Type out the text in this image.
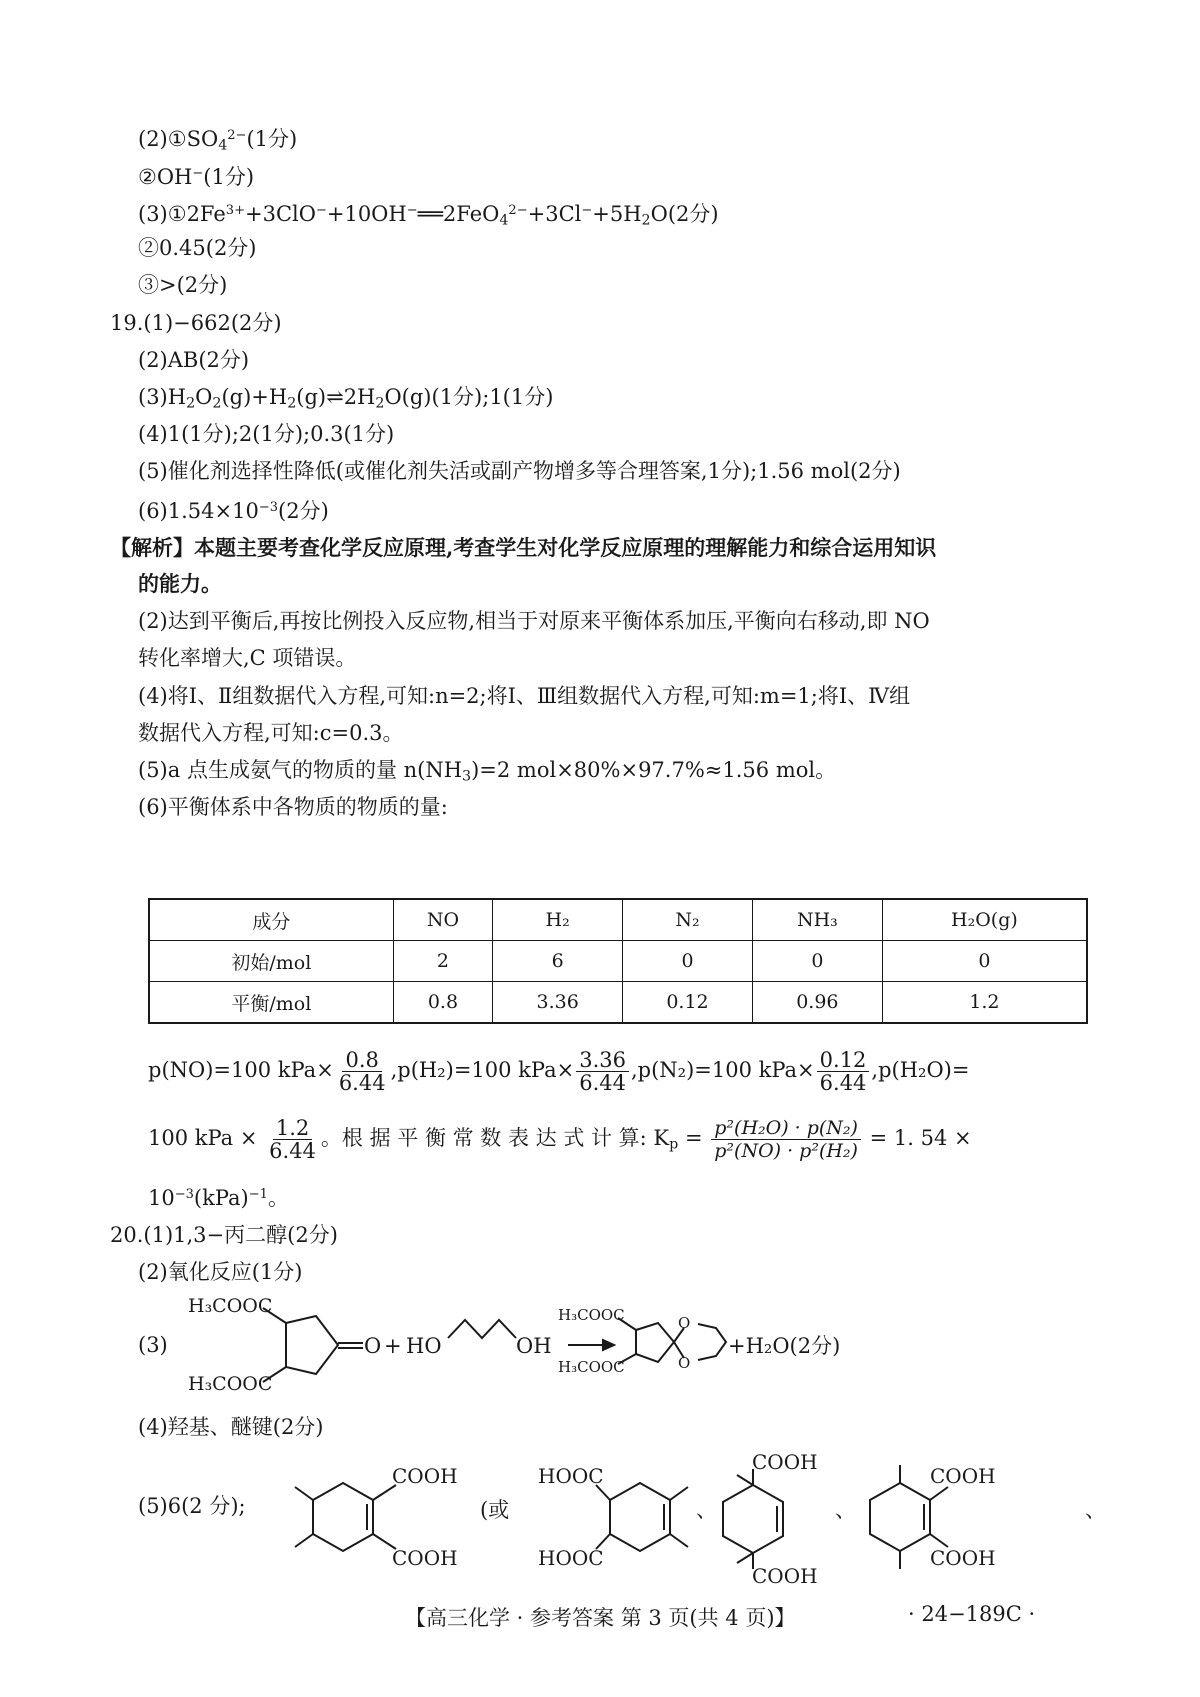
$(2)①SO_4^{2-}(1$分)
②OH−(1分)
$(3)①2Fe^{3+}+3ClO^-+10OH^-══2FeO_4^{2-}+3Cl^-+5H_2O(2$分)
②0.45(2分)
③>(2分)
19.(1)−662(2分)
(2)AB(2分)
$(3)H_2O_2(g)+H_2(g)\rightleftharpoons 2H_2O(g)(1$分);1(1分)
(4)1(1分);2(1分);0.3(1分)
(5)催化剂选择性降低(或催化剂失活或副产物增多等合理答案,1分);1.56 mol(2分)
$(6)1.54\times 10^{-3}(2$分)
【解析】本题主要考查化学反应原理,考查学生对化学反应原理的理解能力和综合运用知识
的能力。
(2)达到平衡后,再按比例投入反应物,相当于对原来平衡体系加压,平衡向右移动,即 NO
转化率增大,C 项错误。
(4)将Ⅰ、Ⅱ组数据代入方程,可知:n=2;将Ⅰ、Ⅲ组数据代入方程,可知:m=1;将Ⅰ、Ⅳ组
数据代入方程,可知:c=0.3。
(5)a 点生成氨气的物质的量 $n(NH_3)=2$ mol×80%×97.7%≈1.56 mol。
(6)平衡体系中各物质的物质的量:
成分	NO	H₂	N₂	NH₃	H₂O(g)
初始/mol	2	6	0	0	0
平衡/mol	0.8	3.36	0.12	0.96	1.2
p(NO)=100 $kPa\times \frac{0.8}{6.44} ,p(H_2)=100$ $kPa\times \frac{3.36}{6.44} ,p(N_2)=100$ $kPa\times \frac{0.12}{6.44} ,p(H_2O)=$
100 kPa × $\frac{1.2}{6.44}$ 。根 据 平 衡 常 数 表 达 式 计 算: $K_p = \frac{\text{p²(H₂O) · p(N₂)}}{\text{p²(NO) · p²(H₂)}} = 1$. 54 ×
$10^{-3}(kPa)^{-1}$。
20.(1)1,3−丙二醇(2分)
(2)氧化反应(1分)
(3)
H₃COOC
H₃COOC
O + HO	OH
H₃COOC
H₃COOC
O
O
+H₂O(2分)
(4)羟基、醚键(2分)
(5)6(2 分);
COOH
COOH
(或
HOOC
HOOC
、
COOH
COOH
、
COOH
COOH
、
【高三化学 · 参考答案 第 3 页(共 4 页)】	· 24−189C ·
